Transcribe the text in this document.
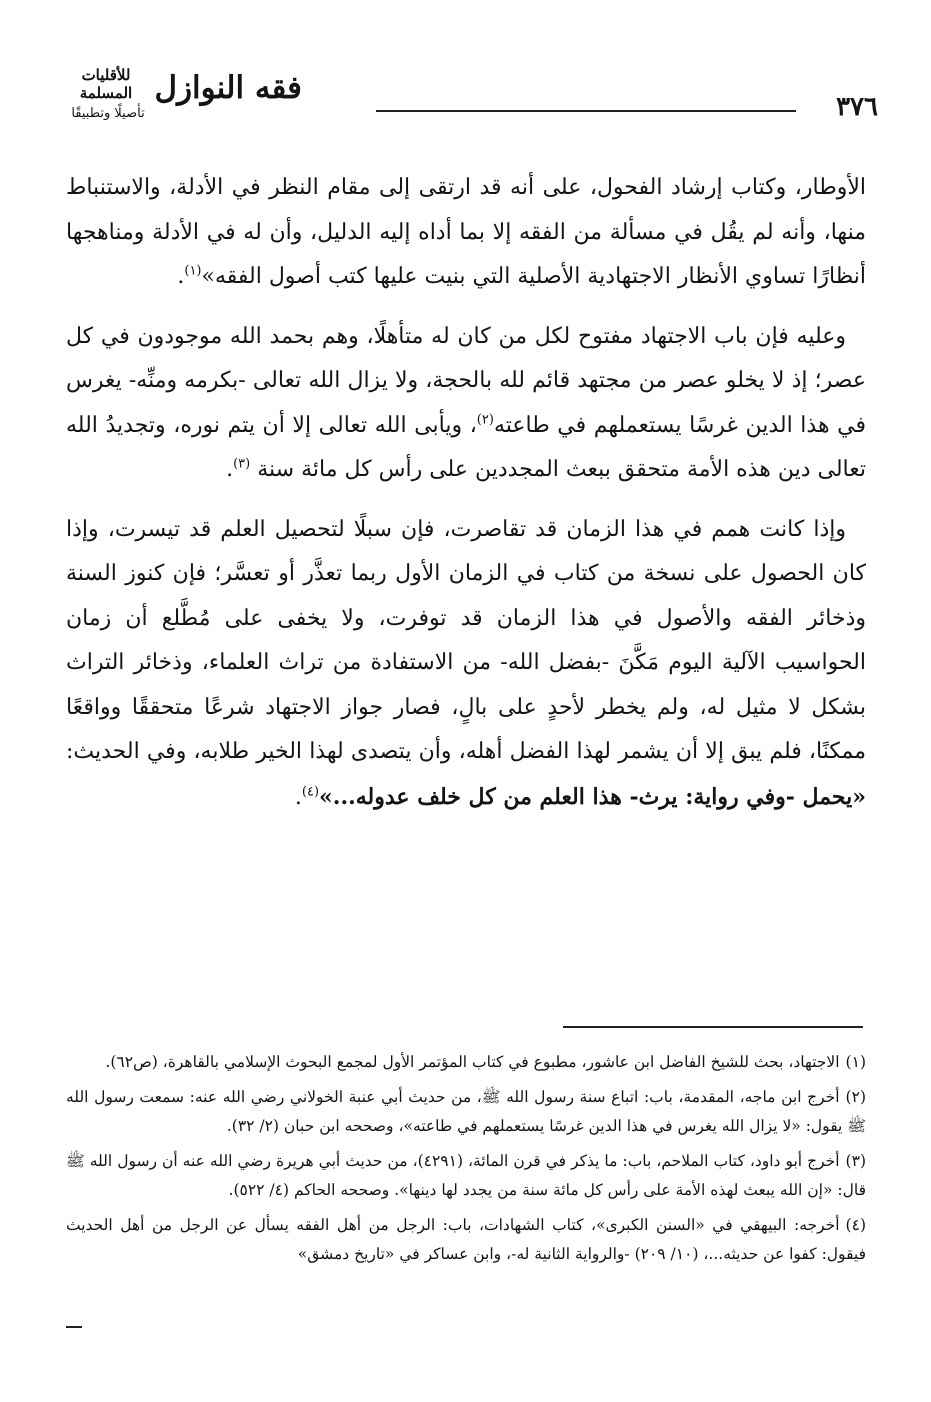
فقه النوازل
للأقليات المسلمة
تأصيلًا وتطبيقًا	٣٧٦

الأوطار، وكتاب إرشاد الفحول، على أنه قد ارتقى إلى مقام النظر في الأدلة، والاستنباط منها، وأنه لم يقُل في مسألة من الفقه إلا بما أداه إليه الدليل، وأن له في الأدلة ومناهجها أنظارًا تساوي الأنظار الاجتهادية الأصلية التي بنيت عليها كتب أصول الفقه»$^{(١)}$.

وعليه فإن باب الاجتهاد مفتوح لكل من كان له متأهلًا، وهم بحمد الله موجودون في كل عصر؛ إذ لا يخلو عصر من مجتهد قائم لله بالحجة، ولا يزال الله تعالى -بكرمه ومنِّه- يغرس في هذا الدين غرسًا يستعملهم في طاعته$^{(٢)}$، ويأبى الله تعالى إلا أن يتم نوره، وتجديدُ الله تعالى دين هذه الأمة متحقق ببعث المجددين على رأس كل مائة سنة $^{(٣)}$.

وإذا كانت همم في هذا الزمان قد تقاصرت، فإن سبلًا لتحصيل العلم قد تيسرت، وإذا كان الحصول على نسخة من كتاب في الزمان الأول ربما تعذَّر أو تعسَّر؛ فإن كنوز السنة وذخائر الفقه والأصول في هذا الزمان قد توفرت، ولا يخفى على مُطَّلع أن زمان الحواسيب الآلية اليوم مَكَّنَ -بفضل الله- من الاستفادة من تراث العلماء، وذخائر التراث بشكل لا مثيل له، ولم يخطر لأحدٍ على بالٍ، فصار جواز الاجتهاد شرعًا متحققًا وواقعًا ممكنًا، فلم يبق إلا أن يشمر لهذا الفضل أهله، وأن يتصدى لهذا الخير طلابه، وفي الحديث: «يحمل -وفي رواية: يرث- هذا العلم من كل خلف عدوله...»$^{(٤)}$.

(١)الاجتهاد، بحث للشيخ الفاضل ابن عاشور، مطبوع في كتاب المؤتمر الأول لمجمع البحوث الإسلامي بالقاهرة، (ص٦٢).

(٢)أخرج ابن ماجه، المقدمة، باب: اتباع سنة رسول الله ﷺ، من حديث أبي عنبة الخولاني رضي الله عنه: سمعت رسول الله ﷺ يقول: «لا يزال الله يغرس في هذا الدين غرسًا يستعملهم في طاعته»، وصححه ابن حبان (٢/ ٣٢).

(٣)أخرج أبو داود، كتاب الملاحم، باب: ما يذكر في قرن المائة، (٤٢٩١)، من حديث أبي هريرة رضي الله عنه أن رسول الله ﷺ قال: «إن الله يبعث لهذه الأمة على رأس كل مائة سنة من يجدد لها دينها». وصححه الحاكم (٤/ ٥٢٢).

(٤)أخرجه: البيهقي في «السنن الكبرى»، كتاب الشهادات، باب: الرجل من أهل الفقه يسأل عن الرجل من أهل الحديث فيقول: كفوا عن حديثه...، (١٠/ ٢٠٩) -والرواية الثانية له-، وابن عساكر في «تاريخ دمشق»
